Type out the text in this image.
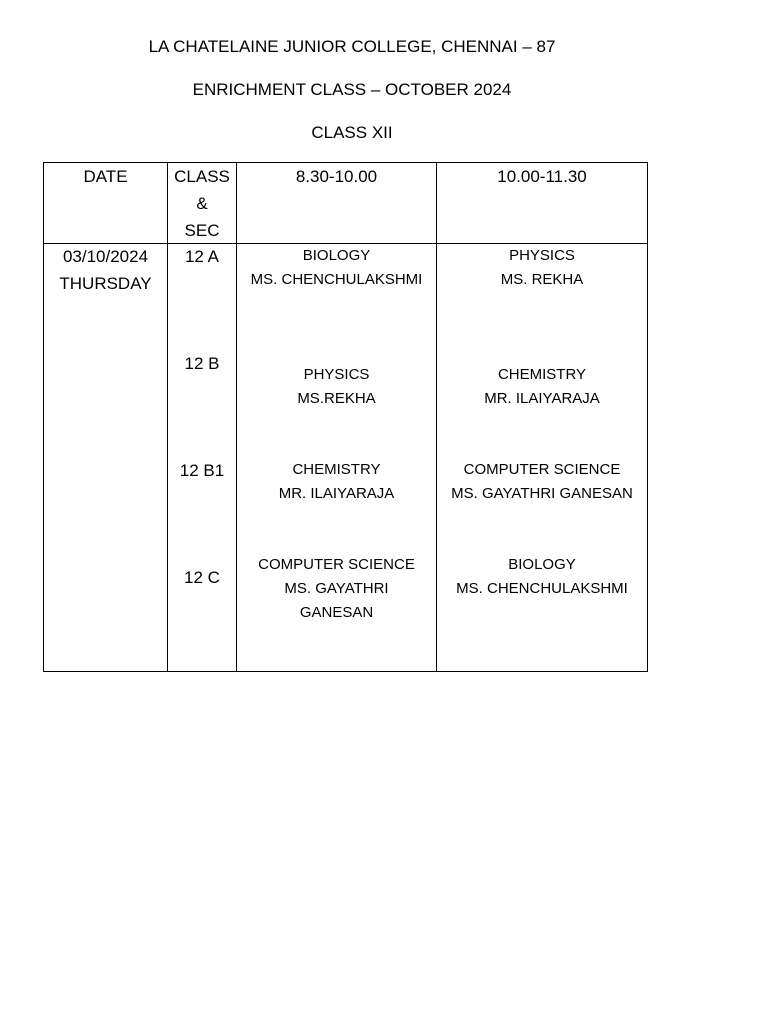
LA CHATELAINE JUNIOR COLLEGE, CHENNAI – 87
ENRICHMENT CLASS – OCTOBER 2024
CLASS XII
DATE	CLASS
&
SEC
8.30-10.00	10.00-11.30
03/10/2024
THURSDAY
12 A
12 B
12 B1
12 C
BIOLOGY
MS. CHENCHULAKSHMI
PHYSICS
MS. REKHA
PHYSICS
MS.REKHA
CHEMISTRY
MR. ILAIYARAJA
CHEMISTRY
MR. ILAIYARAJA
COMPUTER SCIENCE
MS. GAYATHRI GANESAN
COMPUTER SCIENCE
MS. GAYATHRI
GANESAN
BIOLOGY
MS. CHENCHULAKSHMI
